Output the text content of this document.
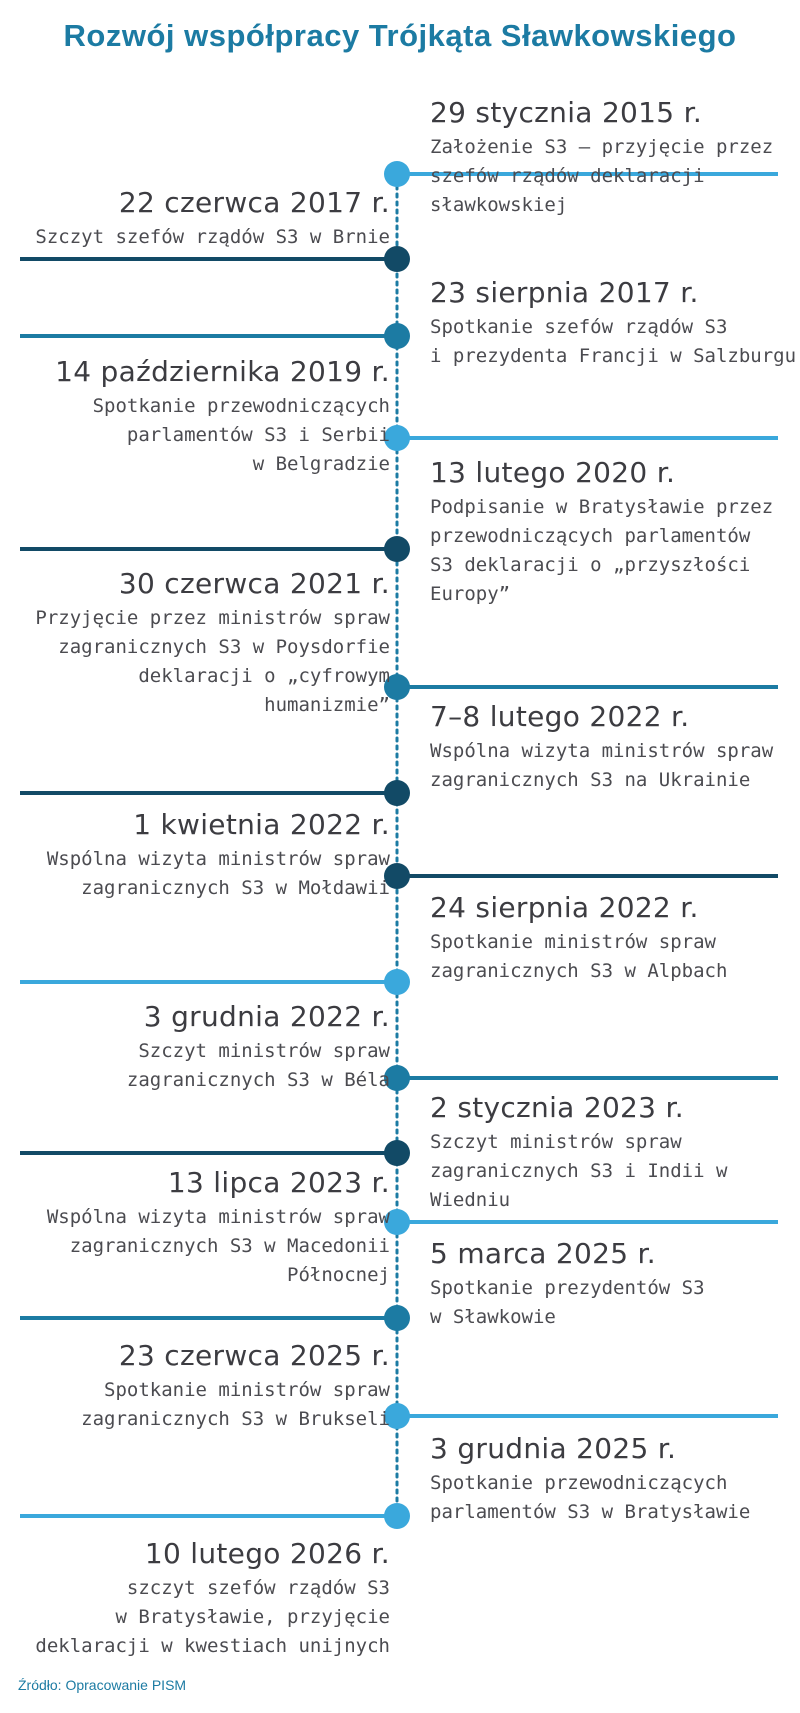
Rozwój współpracy Trójkąta Sławkowskiego
29 stycznia 2015 r.
Założenie S3 – przyjęcie przez
szefów rządów deklaracji
sławkowskiej
22 czerwca 2017 r.
Szczyt szefów rządów S3 w Brnie
23 sierpnia 2017 r.
Spotkanie szefów rządów S3
i prezydenta Francji w Salzburgu
14 października 2019 r.
Spotkanie przewodniczących
parlamentów S3 i Serbii
w Belgradzie 13 lutego 2020 r.
Podpisanie w Bratysławie przez
przewodniczących parlamentów
S3 deklaracji o „przyszłości
Europy”
30 czerwca 2021 r.
Przyjęcie przez ministrów spraw
zagranicznych S3 w Poysdorfie
deklaracji o „cyfrowym
humanizmie” 7–8 lutego 2022 r.
Wspólna wizyta ministrów spraw
zagranicznych S3 na Ukrainie
1 kwietnia 2022 r.
Wspólna wizyta ministrów spraw
zagranicznych S3 w Mołdawii
24 sierpnia 2022 r.
Spotkanie ministrów spraw
zagranicznych S3 w Alpbach
3 grudnia 2022 r.
Szczyt ministrów spraw
zagranicznych S3 w Béla
2 stycznia 2023 r.
Szczyt ministrów spraw
zagranicznych S3 i Indii w Wiedniu
13 lipca 2023 r.
Wspólna wizyta ministrów spraw
zagranicznych S3 w Macedonii
Północnej
5 marca 2025 r.
Spotkanie prezydentów S3
w Sławkowie
23 czerwca 2025 r.
Spotkanie ministrów spraw
zagranicznych S3 w Brukseli
3 grudnia 2025 r.
Spotkanie przewodniczących
parlamentów S3 w Bratysławie
10 lutego 2026 r.
szczyt szefów rządów S3
w Bratysławie, przyjęcie
deklaracji w kwestiach unijnych
Źródło: Opracowanie PISM
